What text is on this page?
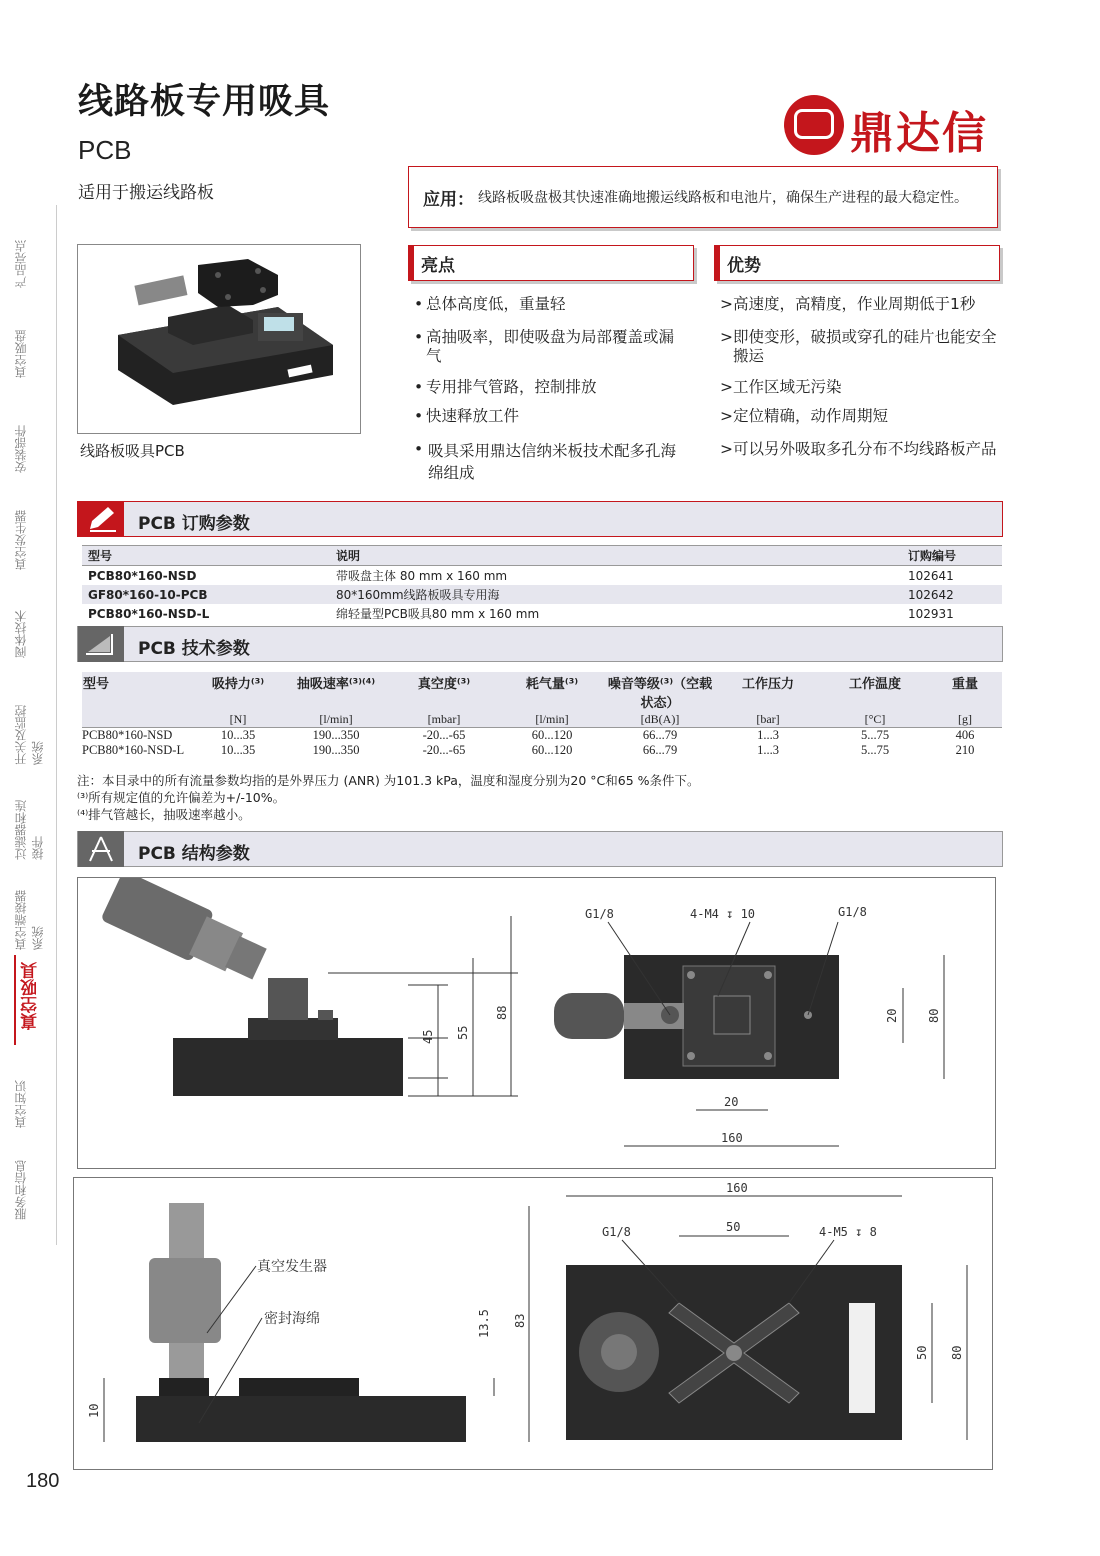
产品亮点
真空吸盘
安装部件
真空发生器
阀体技术
开关及监控系统
过滤器和连接件
真空端接器系统
真空吸具
真空知识
服务和信息
线路板专用吸具
PCB
适用于搬运线路板
鼎达信
应用： 线路板吸盘极其快速准确地搬运线路板和电池片，确保生产进程的最大稳定性。
线路板吸具PCB
亮点	优势
• 总体高度低，重量轻
• 高抽吸率，即使吸盘为局部覆盖或漏气
• 专用排气管路，控制排放
• 快速释放工件
• 吸具采用鼎达信纳米板技术配多孔海绵组成
> 高速度，高精度，作业周期低于1秒
> 即使变形，破损或穿孔的硅片也能安全搬运
> 工作区域无污染
> 定位精确，动作周期短
> 可以另外吸取多孔分布不均线路板产品
PCB 订购参数
型号	说明	订购编号
PCB80*160-NSD	带吸盘主体 80 mm x 160 mm	102641
GF80*160-10-PCB	80*160mm线路板吸具专用海	102642
PCB80*160-NSD-L	绵轻量型PCB吸具80 mm x 160 mm	102931
PCB 技术参数
型号	吸持力⁽³⁾	抽吸速率⁽³⁾⁽⁴⁾	真空度⁽³⁾	耗气量⁽³⁾	噪音等级⁽³⁾（空载状态）	工作压力	工作温度	重量
	[N]	[l/min]	[mbar]	[l/min]	[dB(A)]	[bar]	[°C]	[g]
PCB80*160-NSD	10...35	190...350	-20...-65	60...120	66...79	1...3	5...75	406
PCB80*160-NSD-L	10...35	190...350	-20...-65	60...120	66...79	1...3	5...75	210
注：本目录中的所有流量参数均指的是外界压力 (ANR) 为101.3 kPa，温度和湿度分别为20 °C和65 %条件下。
⁽³⁾所有规定值的允许偏差为+/-10%。
⁽⁴⁾排气管越长，抽吸速率越小。
PCB 结构参数
45 55
88
G1/8	4-M4 ↧ 10	G1/8
20 80
20
160
真空发生器
密封海绵
10
13.5 83
160
G1/8	50	4-M5 ↧ 8
50 80
180
